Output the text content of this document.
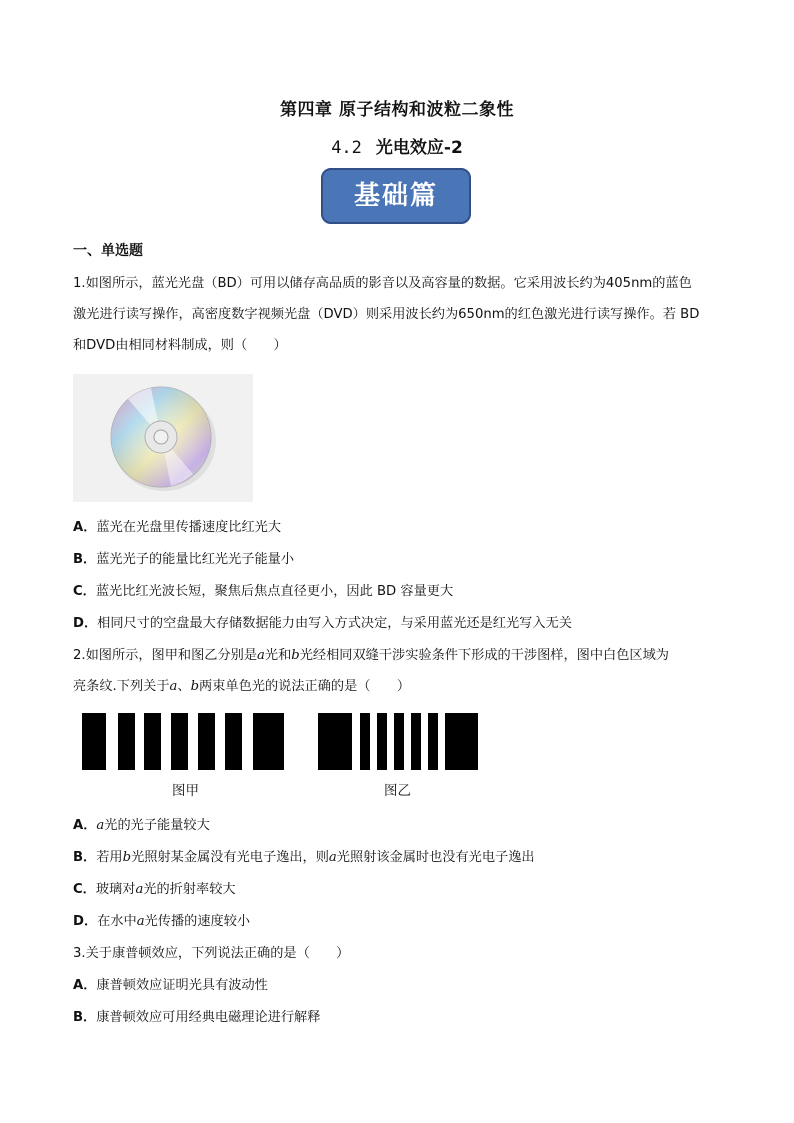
第四章 原子结构和波粒二象性
4.2 光电效应-2
基础篇
一、单选题
1.如图所示，蓝光光盘（BD）可用以储存高品质的影音以及高容量的数据。它采用波长约为405nm的蓝色
激光进行读写操作，高密度数字视频光盘（DVD）则采用波长约为650nm的红色激光进行读写操作。若 BD
和DVD由相同材料制成，则（　　）
A．蓝光在光盘里传播速度比红光大
B．蓝光光子的能量比红光光子能量小
C．蓝光比红光波长短，聚焦后焦点直径更小，因此 BD 容量更大
D．相同尺寸的空盘最大存储数据能力由写入方式决定，与采用蓝光还是红光写入无关
2.如图所示，图甲和图乙分别是a光和b光经相同双缝干涉实验条件下形成的干涉图样，图中白色区域为
亮条纹.下列关于a、b两束单色光的说法正确的是（　　）
图甲	图乙
A．a光的光子能量较大
B．若用b光照射某金属没有光电子逸出，则a光照射该金属时也没有光电子逸出
C．玻璃对a光的折射率较大
D．在水中a光传播的速度较小
3.关于康普顿效应，下列说法正确的是（　　）
A．康普顿效应证明光具有波动性
B．康普顿效应可用经典电磁理论进行解释
